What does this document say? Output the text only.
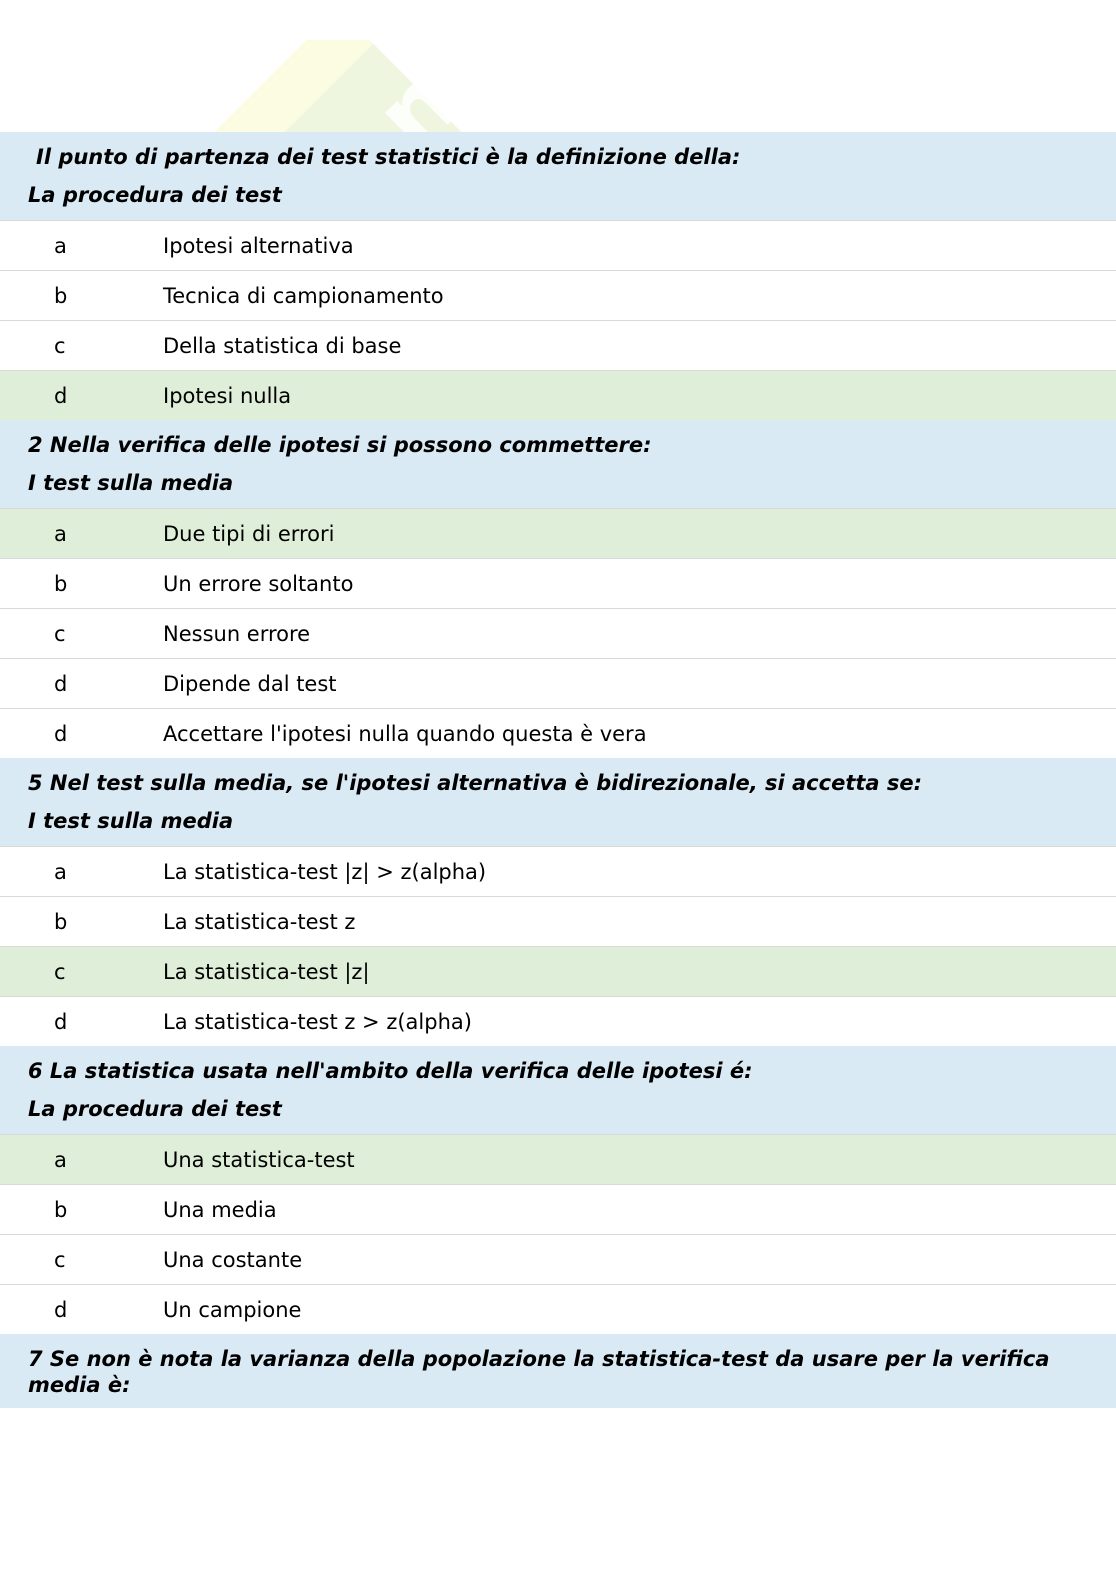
Il punto di partenza dei test statistici è la definizione della:
La procedura dei test
a	Ipotesi alternativa
b	Tecnica di campionamento
c	Della statistica di base
d	Ipotesi nulla
2 Nella verifica delle ipotesi si possono commettere:
I test sulla media
a	Due tipi di errori
b	Un errore soltanto
c	Nessun errore
d	Dipende dal test
d	Accettare l'ipotesi nulla quando questa è vera
5 Nel test sulla media, se l'ipotesi alternativa è bidirezionale, si accetta se:
I test sulla media
a	La statistica-test |z| > z(alpha)
b	La statistica-test z
c	La statistica-test |z|
d	La statistica-test z > z(alpha)
6 La statistica usata nell'ambito della verifica delle ipotesi é:
La procedura dei test
a	Una statistica-test
b	Una media
c	Una costante
d	Un campione
7 Se non è nota la varianza della popolazione la statistica-test da usare per la verifica
media è:
